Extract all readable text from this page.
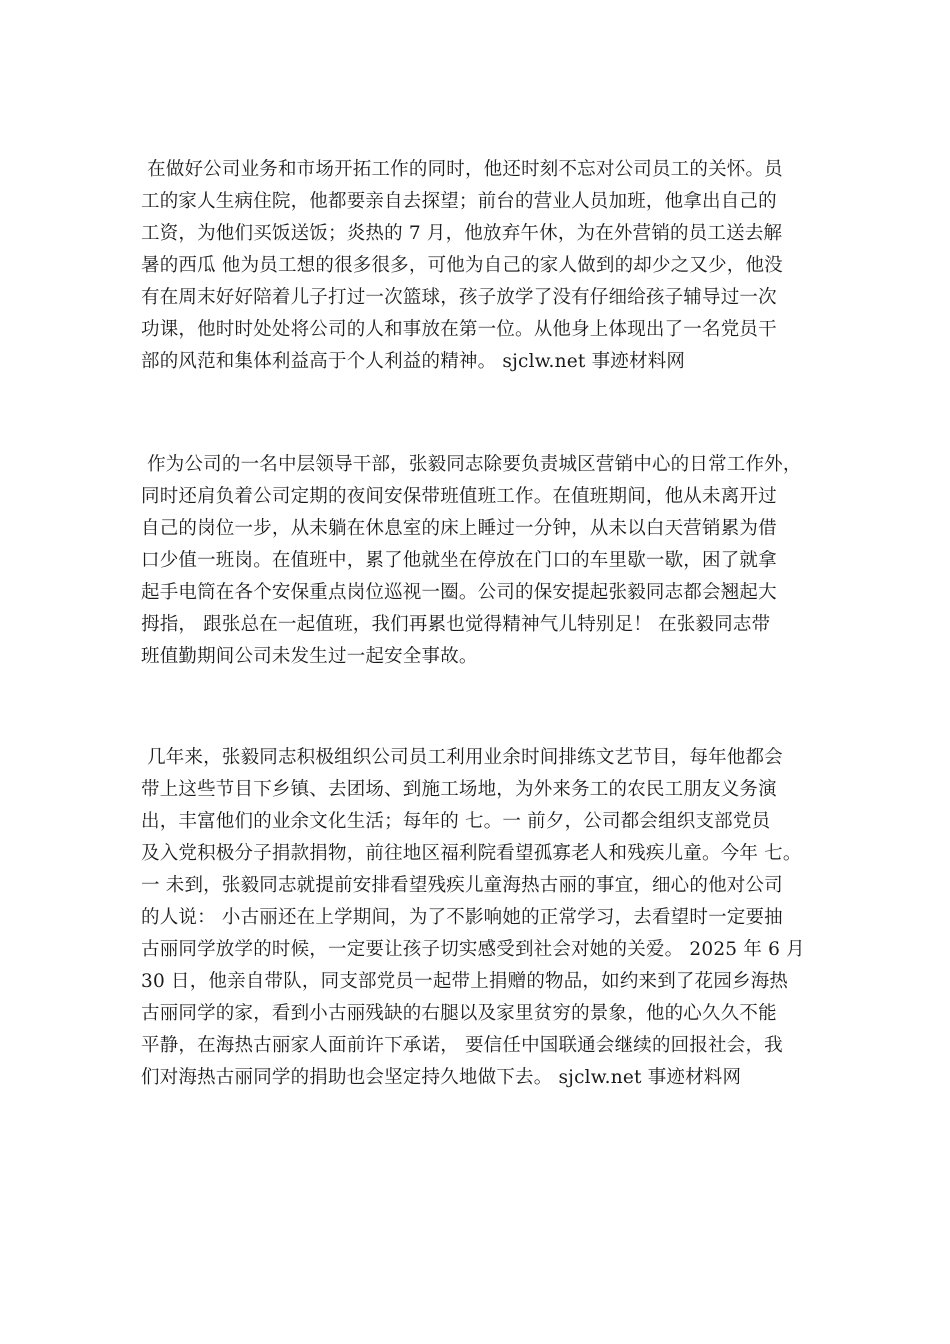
在做好公司业务和市场开拓工作的同时，他还时刻不忘对公司员工的关怀。员
工的家人生病住院，他都要亲自去探望；前台的营业人员加班，他拿出自己的
工资，为他们买饭送饭；炎热的 7 月，他放弃午休，为在外营销的员工送去解
暑的西瓜 他为员工想的很多很多，可他为自己的家人做到的却少之又少，他没
有在周末好好陪着儿子打过一次篮球，孩子放学了没有仔细给孩子辅导过一次
功课，他时时处处将公司的人和事放在第一位。从他身上体现出了一名党员干
部的风范和集体利益高于个人利益的精神。 sjclw.net 事迹材料网
作为公司的一名中层领导干部，张毅同志除要负责城区营销中心的日常工作外，
同时还肩负着公司定期的夜间安保带班值班工作。在值班期间，他从未离开过
自己的岗位一步，从未躺在休息室的床上睡过一分钟，从未以白天营销累为借
口少值一班岗。在值班中，累了他就坐在停放在门口的车里歇一歇，困了就拿
起手电筒在各个安保重点岗位巡视一圈。公司的保安提起张毅同志都会翘起大
拇指， 跟张总在一起值班，我们再累也觉得精神气儿特别足！ 在张毅同志带
班值勤期间公司未发生过一起安全事故。
几年来，张毅同志积极组织公司员工利用业余时间排练文艺节目，每年他都会
带上这些节目下乡镇、去团场、到施工场地，为外来务工的农民工朋友义务演
出，丰富他们的业余文化生活；每年的 七。一 前夕，公司都会组织支部党员
及入党积极分子捐款捐物，前往地区福利院看望孤寡老人和残疾儿童。今年 七。
一 未到，张毅同志就提前安排看望残疾儿童海热古丽的事宜，细心的他对公司
的人说： 小古丽还在上学期间，为了不影响她的正常学习，去看望时一定要抽
古丽同学放学的时候，一定要让孩子切实感受到社会对她的关爱。 2025 年 6 月
30 日，他亲自带队，同支部党员一起带上捐赠的物品，如约来到了花园乡海热
古丽同学的家，看到小古丽残缺的右腿以及家里贫穷的景象，他的心久久不能
平静，在海热古丽家人面前许下承诺， 要信任中国联通会继续的回报社会，我
们对海热古丽同学的捐助也会坚定持久地做下去。 sjclw.net 事迹材料网
